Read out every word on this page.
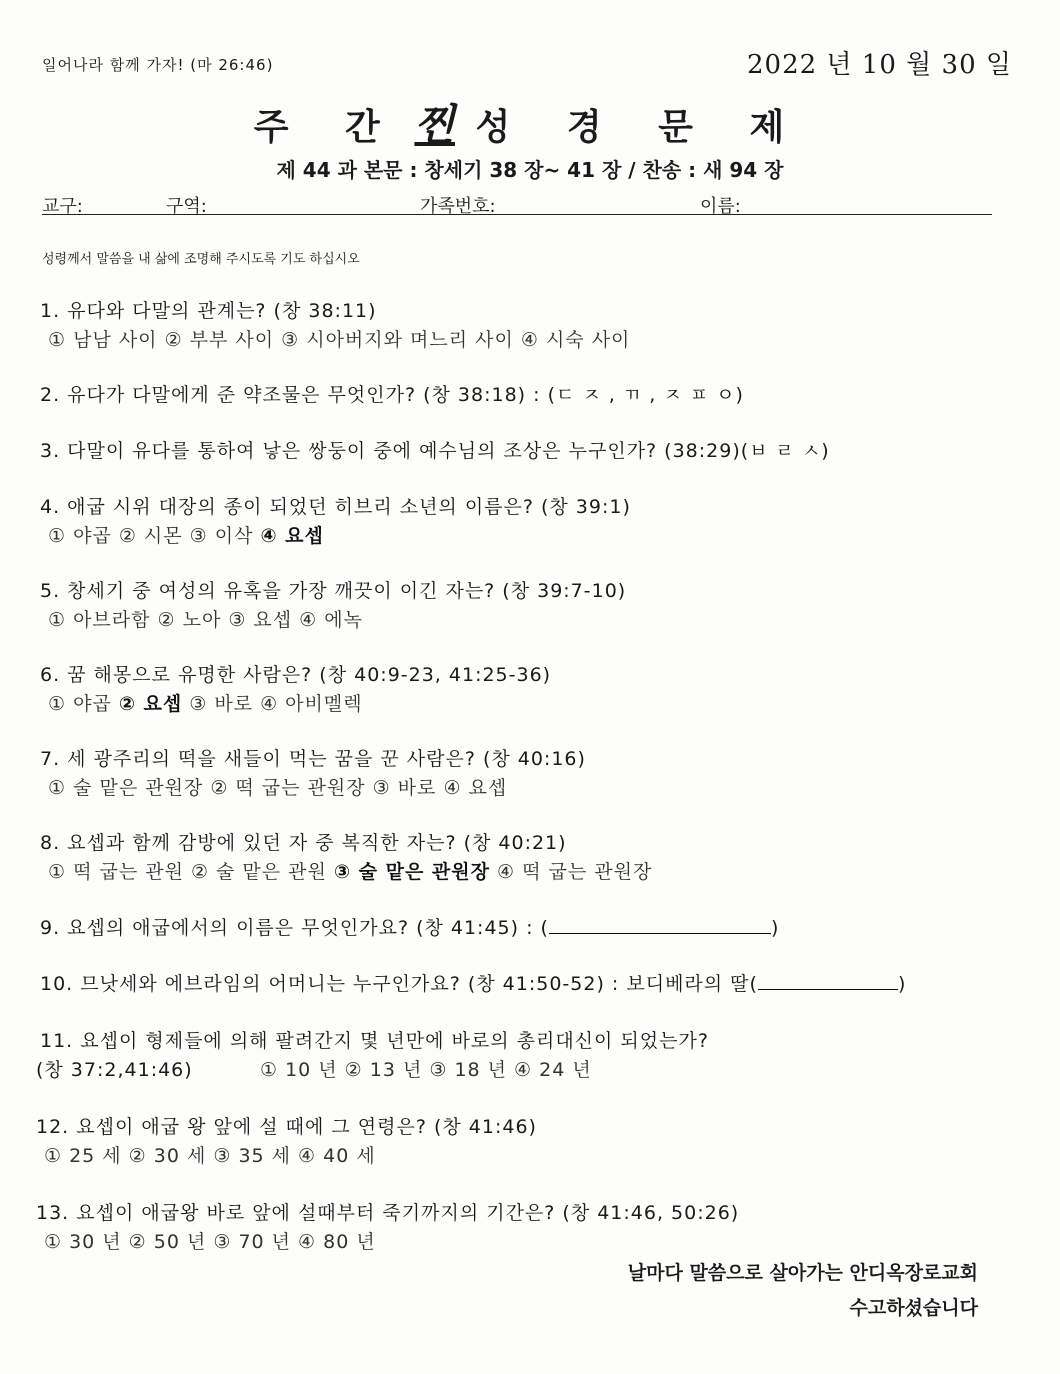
일어나라 함께 가자! (마 26:46)	2022 년 10 월 30 일
주 간 찐 성 경 문 제
제 44 과 본문 : 창세기 38 장~ 41 장 / 찬송 : 새 94 장
교구:	구역:	가족번호:	이름:
성령께서 말씀을 내 삶에 조명해 주시도록 기도 하십시오
1. 유다와 다말의 관계는? (창 38:11)
① 남남 사이 ② 부부 사이 ③ 시아버지와 며느리 사이 ④ 시숙 사이
2. 유다가 다말에게 준 약조물은 무엇인가? (창 38:18) : (ㄷ ㅈ , ㄲ , ㅈ ㅍ ㅇ)
3. 다말이 유다를 통하여 낳은 쌍둥이 중에 예수님의 조상은 누구인가? (38:29)(ㅂ ㄹ ㅅ)
4. 애굽 시위 대장의 종이 되었던 히브리 소년의 이름은? (창 39:1)
① 야곱 ② 시몬 ③ 이삭 ④ 요셉
5. 창세기 중 여성의 유혹을 가장 깨끗이 이긴 자는? (창 39:7-10)
① 아브라함 ② 노아 ③ 요셉 ④ 에녹
6. 꿈 해몽으로 유명한 사람은? (창 40:9-23, 41:25-36)
① 야곱 ② 요셉 ③ 바로 ④ 아비멜렉
7. 세 광주리의 떡을 새들이 먹는 꿈을 꾼 사람은? (창 40:16)
① 술 맡은 관원장 ② 떡 굽는 관원장 ③ 바로 ④ 요셉
8. 요셉과 함께 감방에 있던 자 중 복직한 자는? (창 40:21)
① 떡 굽는 관원 ② 술 맡은 관원 ③ 술 맡은 관원장 ④ 떡 굽는 관원장
9. 요셉의 애굽에서의 이름은 무엇인가요? (창 41:45) : (	)
10. 므낫세와 에브라임의 어머니는 누구인가요? (창 41:50-52) : 보디베라의 딸(	)
11. 요셉이 형제들에 의해 팔려간지 몇 년만에 바로의 총리대신이 되었는가?
(창 37:2,41:46)	① 10 년 ② 13 년 ③ 18 년 ④ 24 년
12. 요셉이 애굽 왕 앞에 설 때에 그 연령은? (창 41:46)
① 25 세 ② 30 세 ③ 35 세 ④ 40 세
13. 요셉이 애굽왕 바로 앞에 설때부터 죽기까지의 기간은? (창 41:46, 50:26)
① 30 년 ② 50 년 ③ 70 년 ④ 80 년
날마다 말씀으로 살아가는 안디옥장로교회
수고하셨습니다
